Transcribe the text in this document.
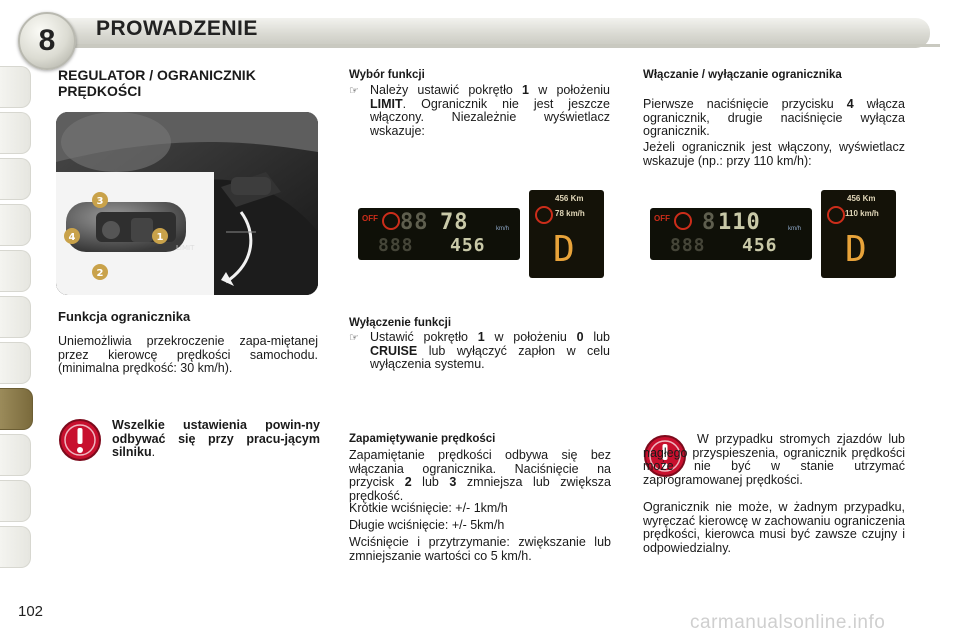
8	PROWADZENIE
REGULATOR / OGRANICZNIK PRĘDKOŚCI
LIMIT
3
4	1
2
Funkcja ogranicznika
Uniemożliwia przekroczenie zapa-miętanej przez kierowcę prędkości samochodu. (minimalna prędkość: 30 km/h).
Wszelkie ustawienia powin-ny odbywać się przy pracu-jącym silniku.
Wybór funkcji
☞ Należy ustawić pokrętło 1 w położeniu LIMIT. Ogranicznik nie jest jeszcze włączony. Niezależnie wyświetlacz wskazuje:
OFF 88 78	km/h
888 456
456 Km
78 km/h
D
Wyłączenie funkcji
☞ Ustawić pokrętło 1 w położeniu 0 lub CRUISE lub wyłączyć zapłon w celu wyłączenia systemu.
Zapamiętywanie prędkości
Zapamiętanie prędkości odbywa się bez włączania ogranicznika. Naciśnięcie na przycisk 2 lub 3 zmniejsza lub zwiększa prędkość.
Krótkie wciśnięcie: +/- 1km/h
Długie wciśnięcie: +/- 5km/h
Wciśnięcie i przytrzymanie: zwiększanie lub zmniejszanie wartości co 5 km/h.
Włączanie / wyłączanie ogranicznika
Pierwsze naciśnięcie przycisku 4 włącza ogranicznik, drugie naciśnięcie wyłącza ogranicznik.
Jeżeli ogranicznik jest włączony, wyświetlacz wskazuje (np.: przy 110 km/h):
OFF 8 110	km/h
888 456
456 Km
110 km/h
D
W przypadku stromych zjazdów lub nagłego przyspieszenia, ogranicznik prędkości może nie być w stanie utrzymać zaprogramowanej prędkości.
Ogranicznik nie może, w żadnym przypadku, wyręczać kierowcę w zachowaniu ograniczenia prędkości, kierowca musi być zawsze czujny i odpowiedzialny.
102
carmanualsonline.info
